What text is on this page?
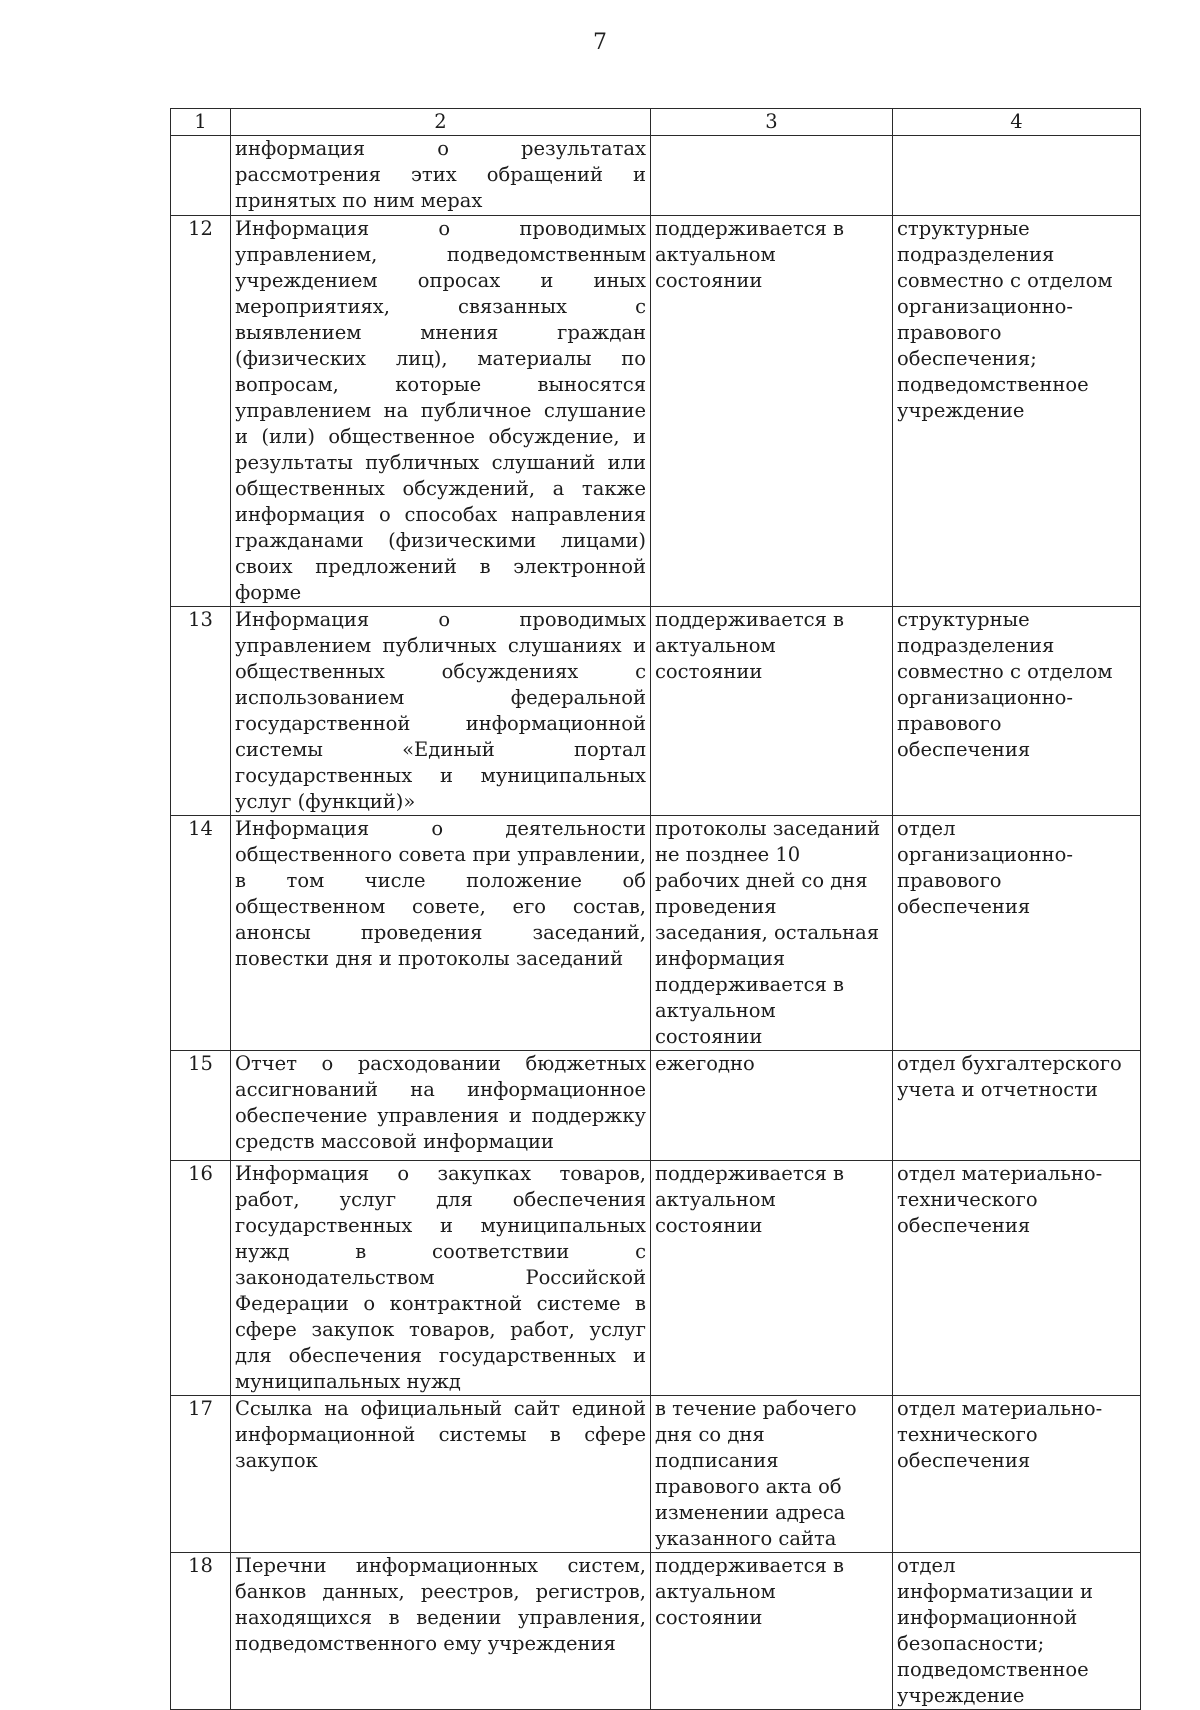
7
1	2	3	4
	информация о результатах рассмотрения этих обращений и принятых по ним мерах		
12	Информация о проводимых управлением, подведомственным учреждением опросах и иных мероприятиях, связанных с выявлением мнения граждан (физических лиц), материалы по вопросам, которые выносятся управлением на публичное слушание и (или) общественное обсуждение, и результаты публичных слушаний или общественных обсуждений, а также информация о способах направления гражданами (физическими лицами) своих предложений в электронной форме	поддерживается в актуальном состоянии	структурные подразделения совместно с отделом организационно-правового обеспечения; подведомственное учреждение
13	Информация о проводимых управлением публичных слушаниях и общественных обсуждениях с использованием федеральной государственной информационной системы «Единый портал государственных и муниципальных услуг (функций)»	поддерживается в актуальном состоянии	структурные подразделения совместно с отделом организационно-правового обеспечения
14	Информация о деятельности общественного совета при управлении, в том числе положение об общественном совете, его состав, анонсы проведения заседаний, повестки дня и протоколы заседаний	протоколы заседаний не позднее 10 рабочих дней со дня проведения заседания, остальная информация поддерживается в актуальном состоянии	отдел организационно-правового обеспечения
15	Отчет о расходовании бюджетных ассигнований на информационное обеспечение управления и поддержку средств массовой информации	ежегодно	отдел бухгалтерского учета и отчетности
16	Информация о закупках товаров, работ, услуг для обеспечения государственных и муниципальных нужд в соответствии с законодательством Российской Федерации о контрактной системе в сфере закупок товаров, работ, услуг для обеспечения государственных и муниципальных нужд	поддерживается в актуальном состоянии	отдел материально-технического обеспечения
17	Ссылка на официальный сайт единой информационной системы в сфере закупок	в течение рабочего дня со дня подписания правового акта об изменении адреса указанного сайта	отдел материально-технического обеспечения
18	Перечни информационных систем, банков данных, реестров, регистров, находящихся в ведении управления, подведомственного ему учреждения	поддерживается в актуальном состоянии	отдел информатизации и информационной безопасности; подведомственное учреждение
